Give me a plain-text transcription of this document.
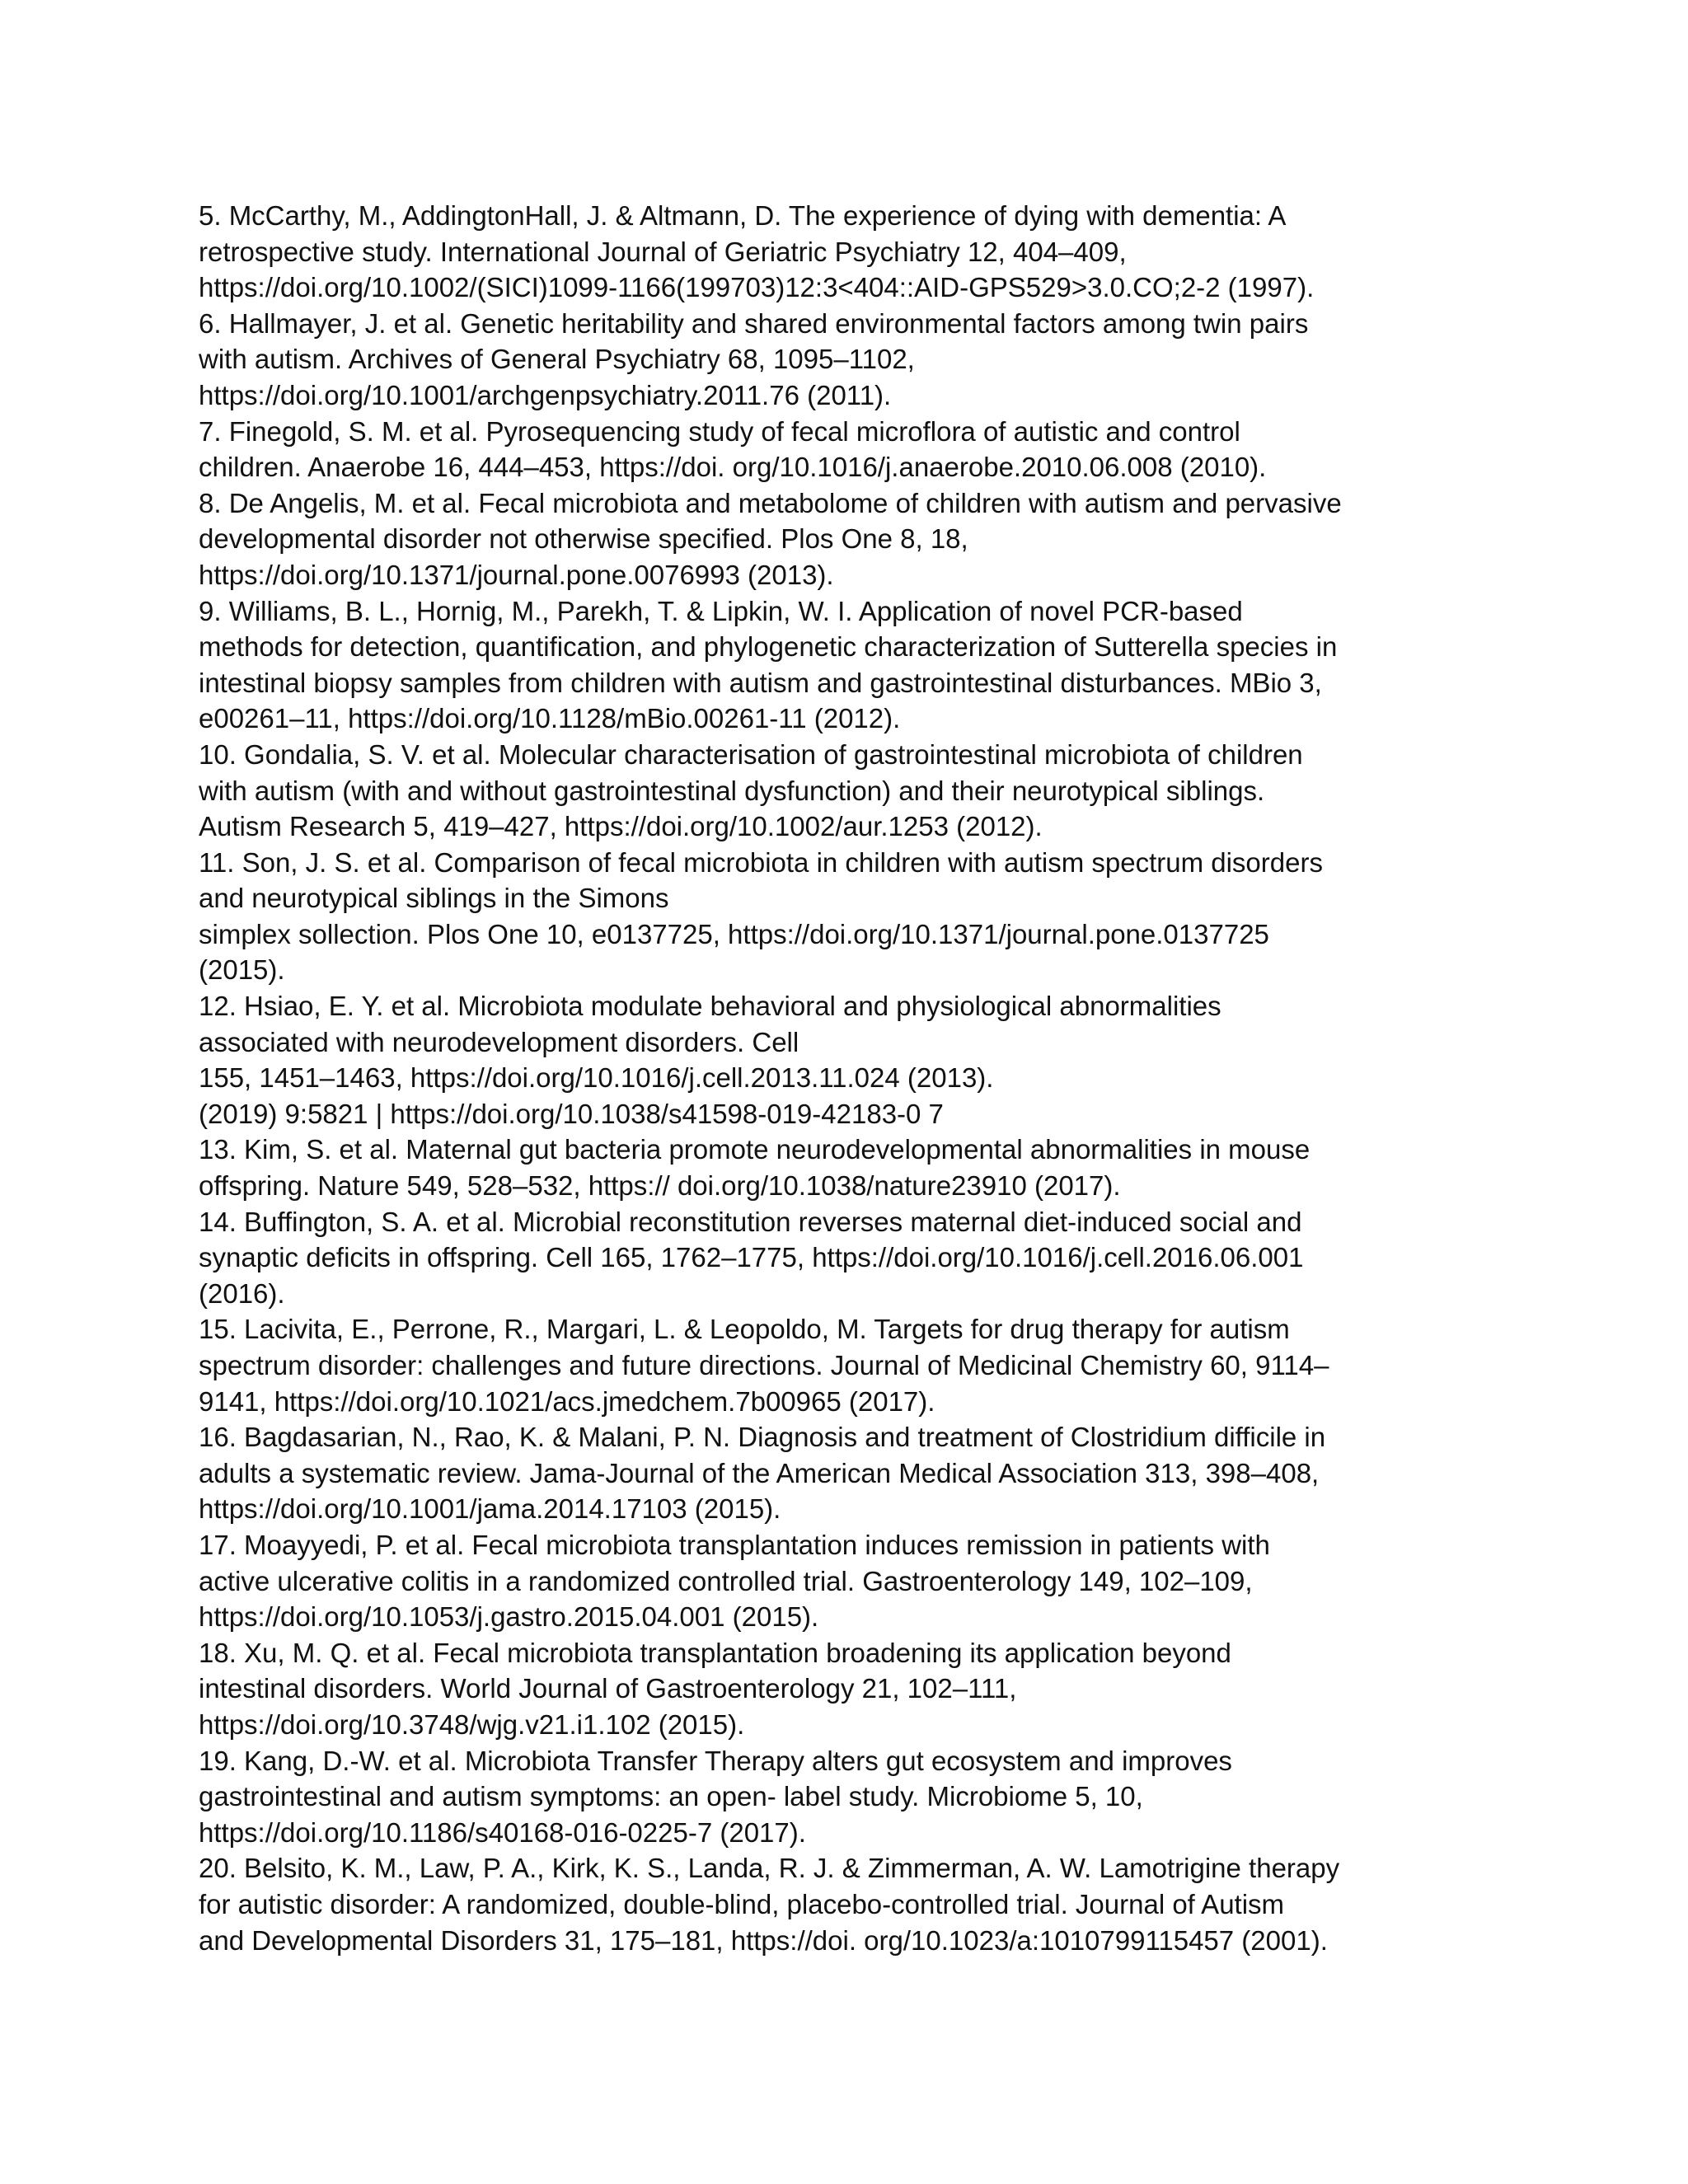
5. McCarthy, M., AddingtonHall, J. & Altmann, D. The experience of dying with dementia: A
retrospective study. International Journal of Geriatric Psychiatry 12, 404–409,
https://doi.org/10.1002/(SICI)1099-1166(199703)12:3<404::AID-GPS529>3.0.CO;2-2 (1997).
6. Hallmayer, J. et al. Genetic heritability and shared environmental factors among twin pairs
with autism. Archives of General Psychiatry 68, 1095–1102,
https://doi.org/10.1001/archgenpsychiatry.2011.76 (2011).
7. Finegold, S. M. et al. Pyrosequencing study of fecal microflora of autistic and control
children. Anaerobe 16, 444–453, https://doi. org/10.1016/j.anaerobe.2010.06.008 (2010).
8. De Angelis, M. et al. Fecal microbiota and metabolome of children with autism and pervasive
developmental disorder not otherwise specified. Plos One 8, 18,
https://doi.org/10.1371/journal.pone.0076993 (2013).
9. Williams, B. L., Hornig, M., Parekh, T. & Lipkin, W. I. Application of novel PCR-based
methods for detection, quantification, and phylogenetic characterization of Sutterella species in
intestinal biopsy samples from children with autism and gastrointestinal disturbances. MBio 3,
e00261–11, https://doi.org/10.1128/mBio.00261-11 (2012).
10. Gondalia, S. V. et al. Molecular characterisation of gastrointestinal microbiota of children
with autism (with and without gastrointestinal dysfunction) and their neurotypical siblings.
Autism Research 5, 419–427, https://doi.org/10.1002/aur.1253 (2012).
11. Son, J. S. et al. Comparison of fecal microbiota in children with autism spectrum disorders
and neurotypical siblings in the Simons
simplex sollection. Plos One 10, e0137725, https://doi.org/10.1371/journal.pone.0137725
(2015).
12. Hsiao, E. Y. et al. Microbiota modulate behavioral and physiological abnormalities
associated with neurodevelopment disorders. Cell
155, 1451–1463, https://doi.org/10.1016/j.cell.2013.11.024 (2013).
(2019) 9:5821 | https://doi.org/10.1038/s41598-019-42183-0 7
13. Kim, S. et al. Maternal gut bacteria promote neurodevelopmental abnormalities in mouse
offspring. Nature 549, 528–532, https:// doi.org/10.1038/nature23910 (2017).
14. Buffington, S. A. et al. Microbial reconstitution reverses maternal diet-induced social and
synaptic deficits in offspring. Cell 165, 1762–1775, https://doi.org/10.1016/j.cell.2016.06.001
(2016).
15. Lacivita, E., Perrone, R., Margari, L. & Leopoldo, M. Targets for drug therapy for autism
spectrum disorder: challenges and future directions. Journal of Medicinal Chemistry 60, 9114–
9141, https://doi.org/10.1021/acs.jmedchem.7b00965 (2017).
16. Bagdasarian, N., Rao, K. & Malani, P. N. Diagnosis and treatment of Clostridium difficile in
adults a systematic review. Jama-Journal of the American Medical Association 313, 398–408,
https://doi.org/10.1001/jama.2014.17103 (2015).
17. Moayyedi, P. et al. Fecal microbiota transplantation induces remission in patients with
active ulcerative colitis in a randomized controlled trial. Gastroenterology 149, 102–109,
https://doi.org/10.1053/j.gastro.2015.04.001 (2015).
18. Xu, M. Q. et al. Fecal microbiota transplantation broadening its application beyond
intestinal disorders. World Journal of Gastroenterology 21, 102–111,
https://doi.org/10.3748/wjg.v21.i1.102 (2015).
19. Kang, D.-W. et al. Microbiota Transfer Therapy alters gut ecosystem and improves
gastrointestinal and autism symptoms: an open- label study. Microbiome 5, 10,
https://doi.org/10.1186/s40168-016-0225-7 (2017).
20. Belsito, K. M., Law, P. A., Kirk, K. S., Landa, R. J. & Zimmerman, A. W. Lamotrigine therapy
for autistic disorder: A randomized, double-blind, placebo-controlled trial. Journal of Autism
and Developmental Disorders 31, 175–181, https://doi. org/10.1023/a:1010799115457 (2001).
